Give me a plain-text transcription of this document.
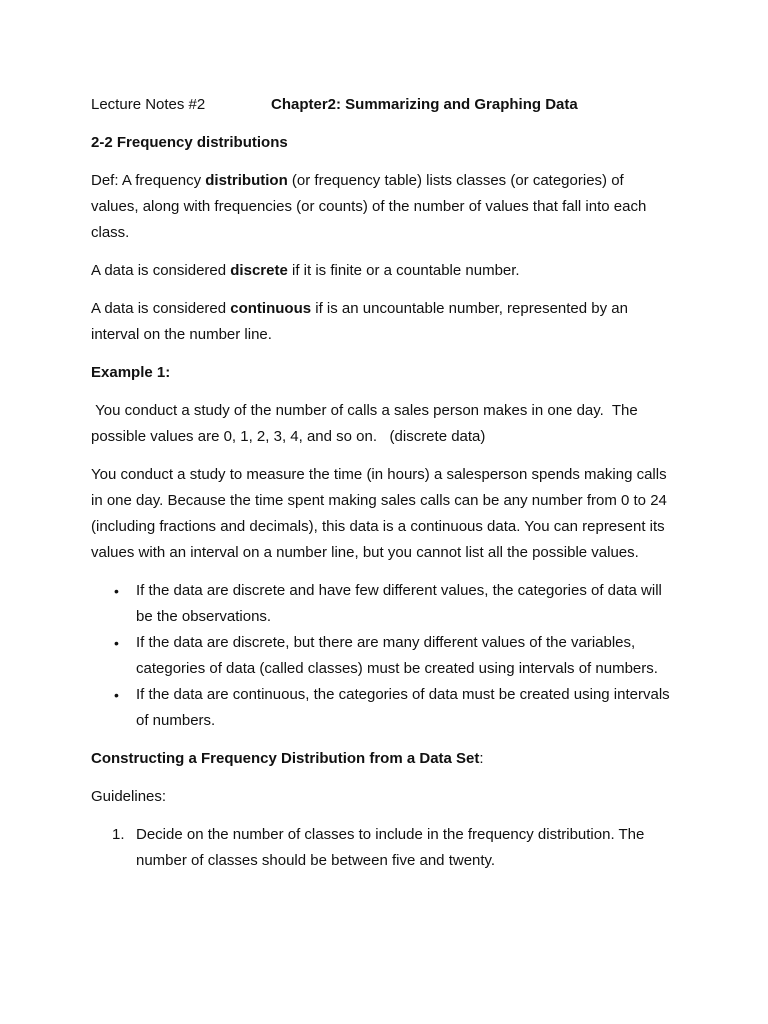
Lecture Notes #2	Chapter2: Summarizing and Graphing Data

2-2 Frequency distributions

Def: A frequency distribution (or frequency table) lists classes (or categories) of values, along with frequencies (or counts) of the number of values that fall into each class.

A data is considered discrete if it is finite or a countable number.

A data is considered continuous if is an uncountable number, represented by an interval on the number line.

Example 1:

You conduct a study of the number of calls a sales person makes in one day.  The possible values are 0, 1, 2, 3, 4, and so on.   (discrete data)

You conduct a study to measure the time (in hours) a salesperson spends making calls in one day. Because the time spent making sales calls can be any number from 0 to 24 (including fractions and decimals), this data is a continuous data. You can represent its values with an interval on a number line, but you cannot list all the possible values.

• If the data are discrete and have few different values, the categories of data will be the observations.
• If the data are discrete, but there are many different values of the variables, categories of data (called classes) must be created using intervals of numbers.
• If the data are continuous, the categories of data must be created using intervals of numbers.

Constructing a Frequency Distribution from a Data Set:

Guidelines:

1. Decide on the number of classes to include in the frequency distribution. The number of classes should be between five and twenty.
